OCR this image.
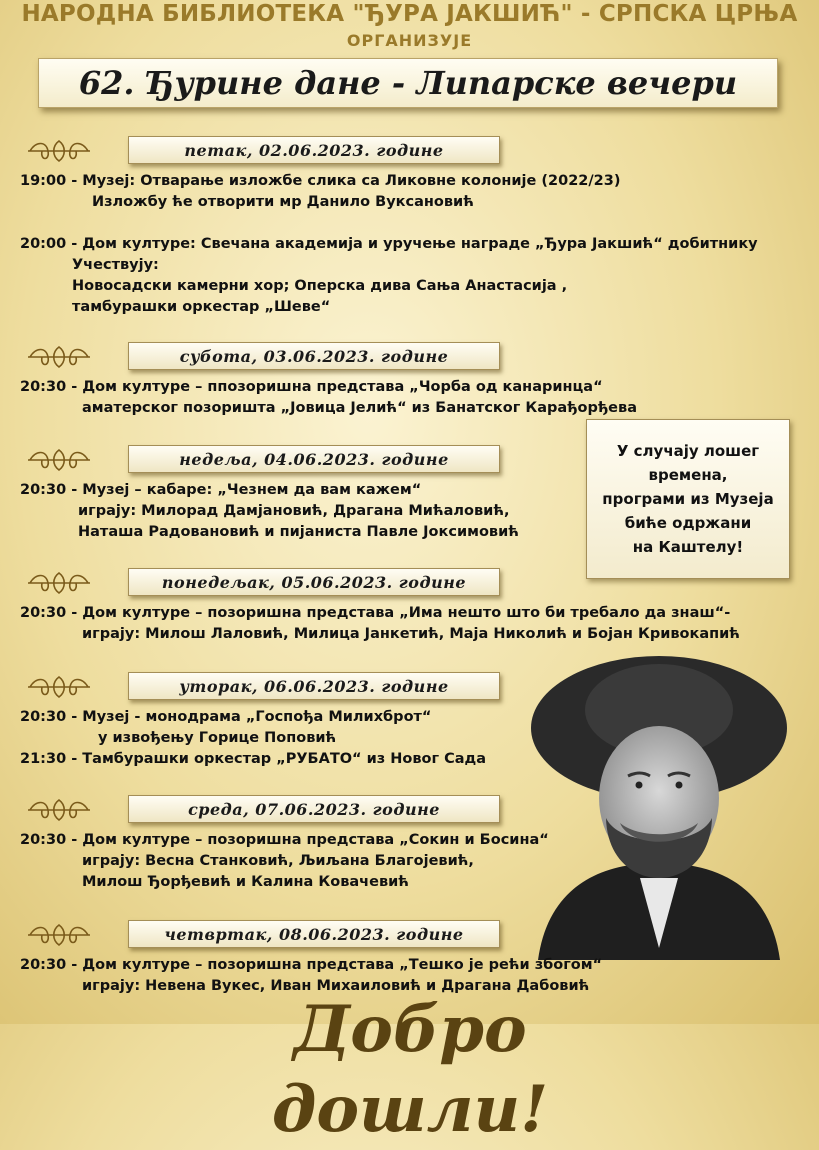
НАРОДНА БИБЛИОТЕКА "ЂУРА ЈАКШИЋ" - СРПСКА ЦРЊА
ОРГАНИЗУЈЕ
62. Ђурине дане - Липарске вечери
петак, 02.06.2023. године
19:00 - Музеј: Отварање изложбе слика са Ликовне колоније (2022/23)
Изложбу ће отворити мр Данило Вуксановић
20:00 - Дом културе: Свечана академија и уручење награде „Ђура Јакшић“ добитнику
Учествују:
Новосадски камерни хор; Оперска дива Сања Анастасија ,
тамбурашки оркестар „Шеве“
субота, 03.06.2023. године
20:30 - Дом културе – ппозоришна представа „Чорба од канаринца“
аматерског позоришта „Јовица Јелић“ из Банатског Карађорђева
недеља, 04.06.2023. године
20:30 - Музеј – кабаре: „Чезнем да вам кажем“
играју: Милорад Дамјановић, Драгана Мићаловић,
Наташа Радовановић и пијаниста Павле Јоксимовић
У случају лошег
времена,
програми из Музеја
биће одржани
на Каштелу!
понедељак, 05.06.2023. године
20:30 - Дом културе – позоришна представа „Има нешто што би требало да знаш“-
играју: Милош Лаловић, Милица Јанкетић, Маја Николић и Бојан Кривокапић
уторак, 06.06.2023. године
20:30 - Музеј - монодрама „Госпођа Милихброт“
у извођењу Горице Поповић
21:30 - Тамбурашки оркестар „РУБАТО“ из Новог Сада
среда, 07.06.2023. године
20:30 - Дом културе – позоришна представа „Сокин и Босина“
играју: Весна Станковић, Љиљана Благојевић,
Милош Ђорђевић и Калина Ковачевић
четвртак, 08.06.2023. године
20:30 - Дом културе – позоришна представа „Тешко је рећи збогом“
играју: Невена Вукес, Иван Михаиловић и Драгана Дабовић
Добро дошли!
